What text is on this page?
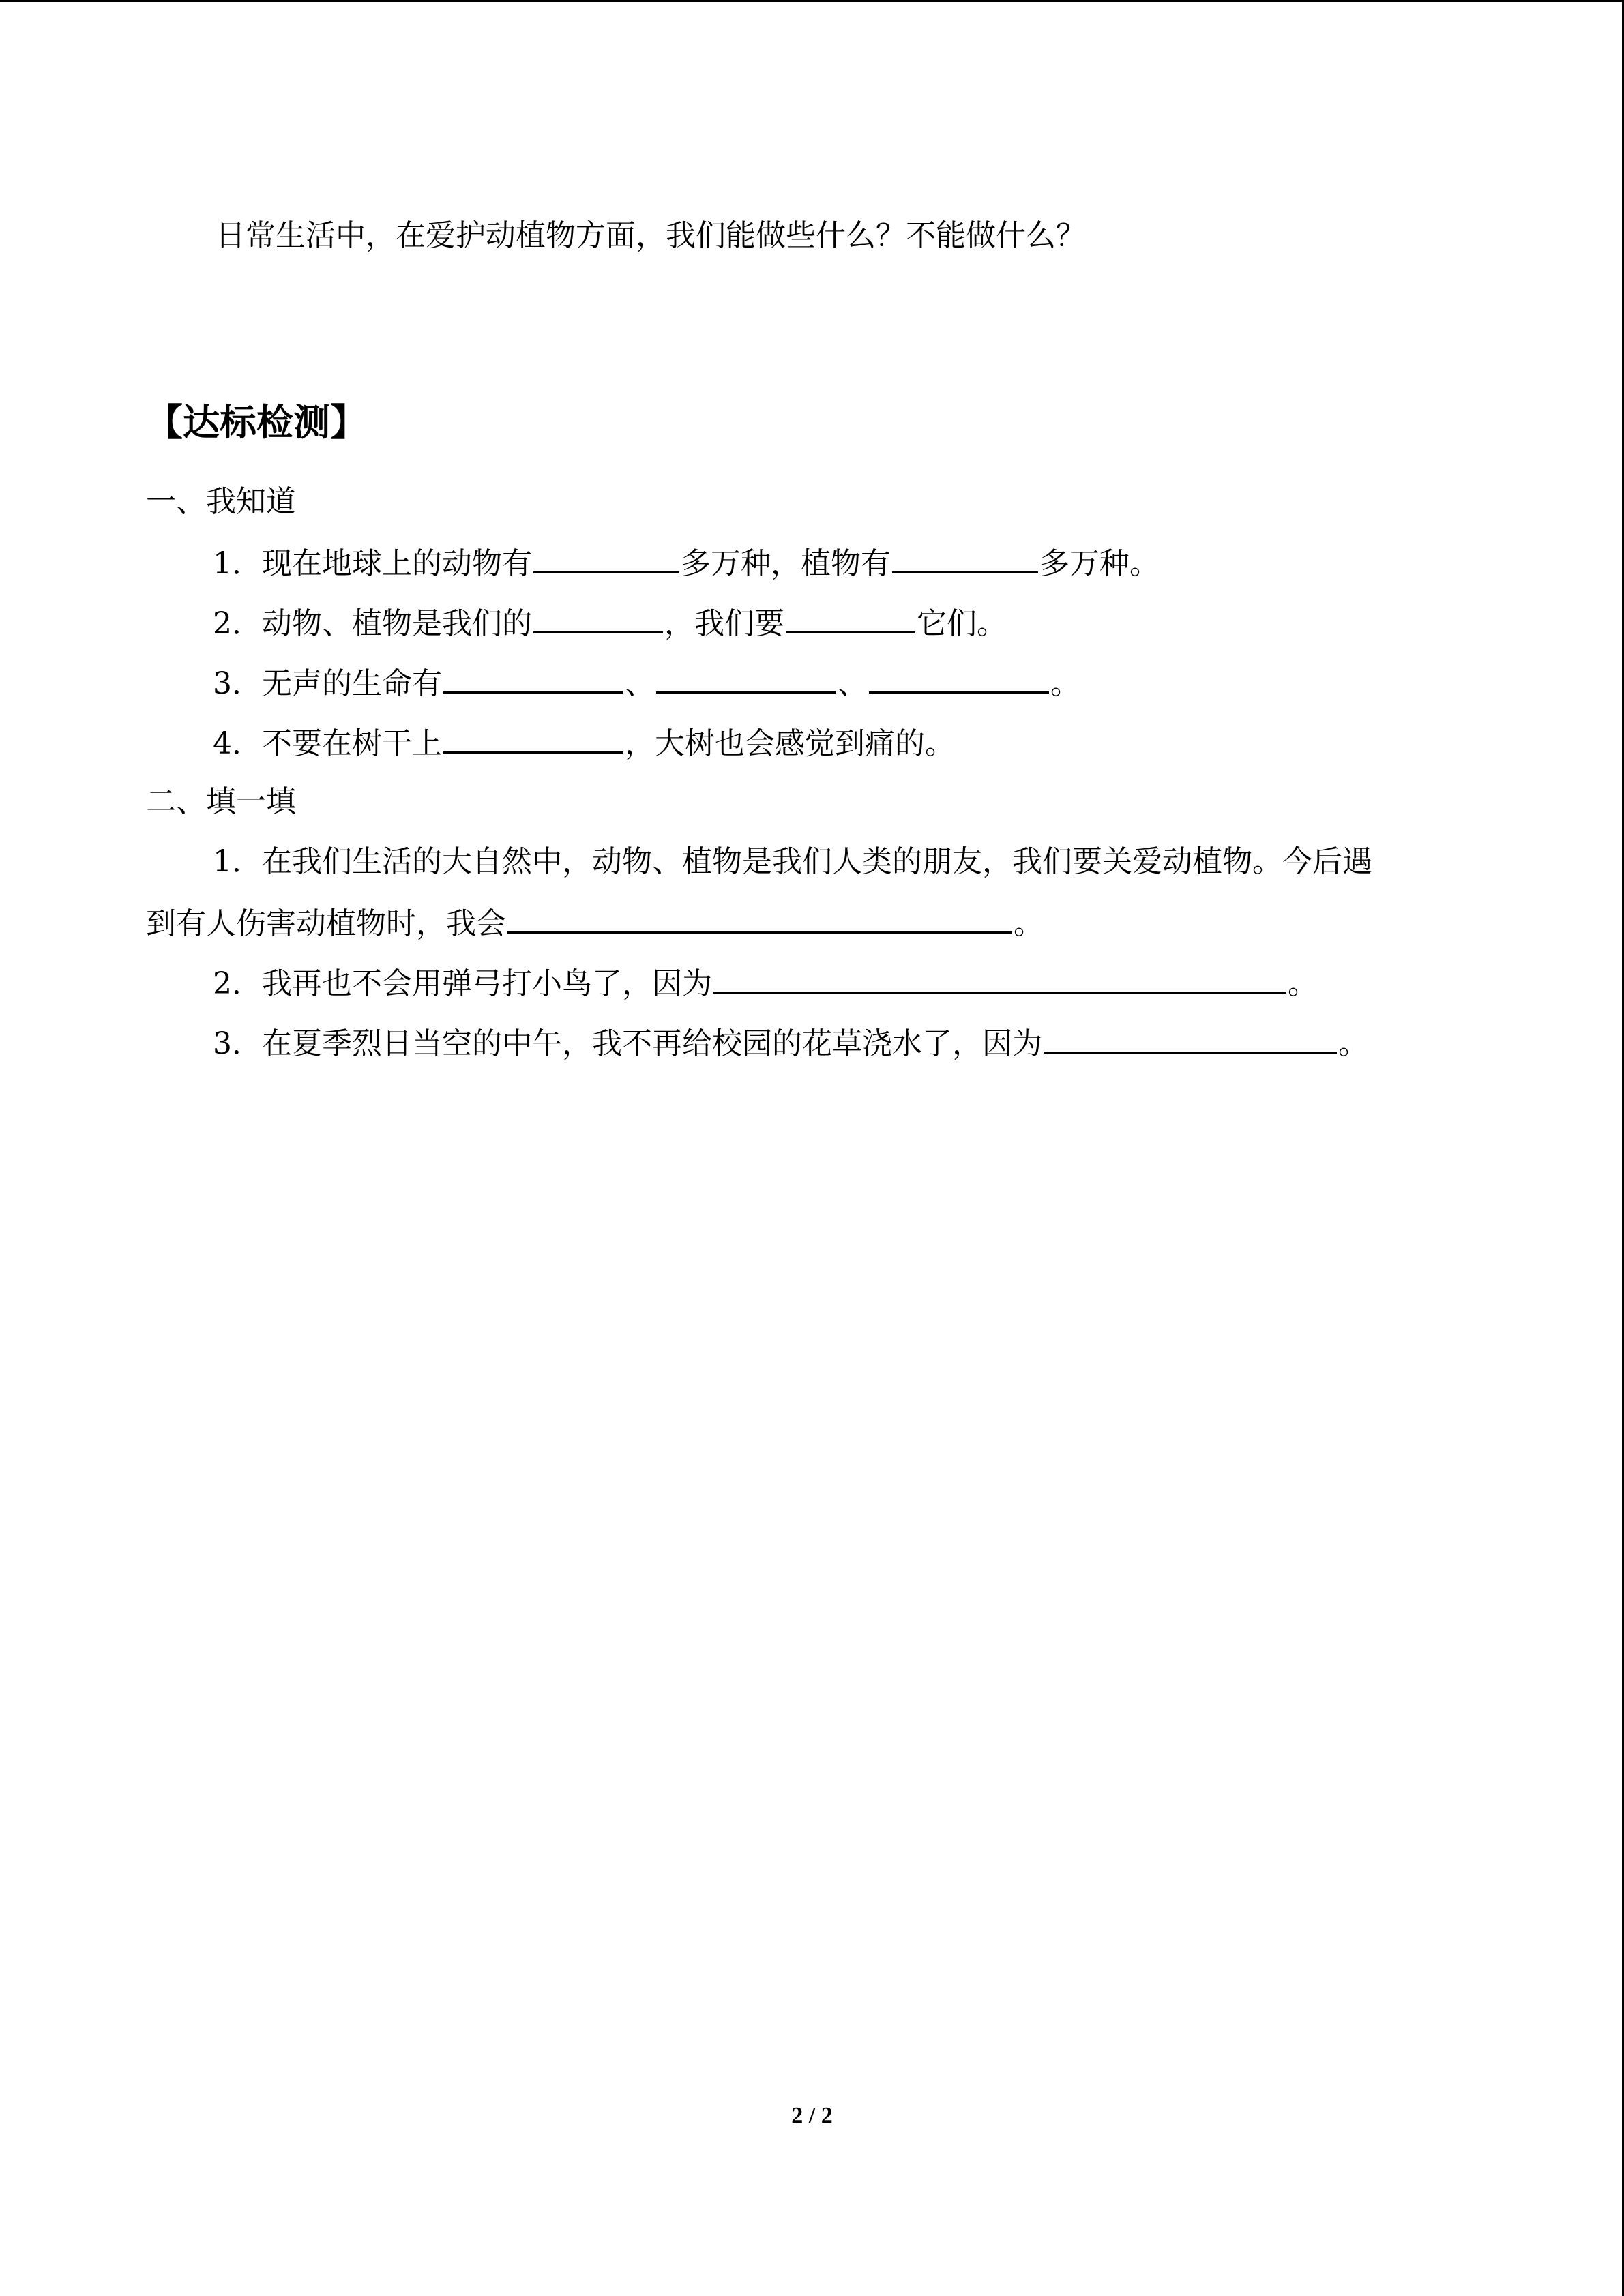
日常生活中，在爱护动植物方面，我们能做些什么？不能做什么？
【达标检测】
一、我知道
1．现在地球上的动物有	多万种，植物有	多万种。
2．动物、植物是我们的	，我们要	它们。
3．无声的生命有	、	、	。
4．不要在树干上	，大树也会感觉到痛的。
二、填一填
1．在我们生活的大自然中，动物、植物是我们人类的朋友，我们要关爱动植物。今后遇
到有人伤害动植物时，我会	。
2．我再也不会用弹弓打小鸟了，因为	。
3．在夏季烈日当空的中午，我不再给校园的花草浇水了，因为	。
2 / 2
